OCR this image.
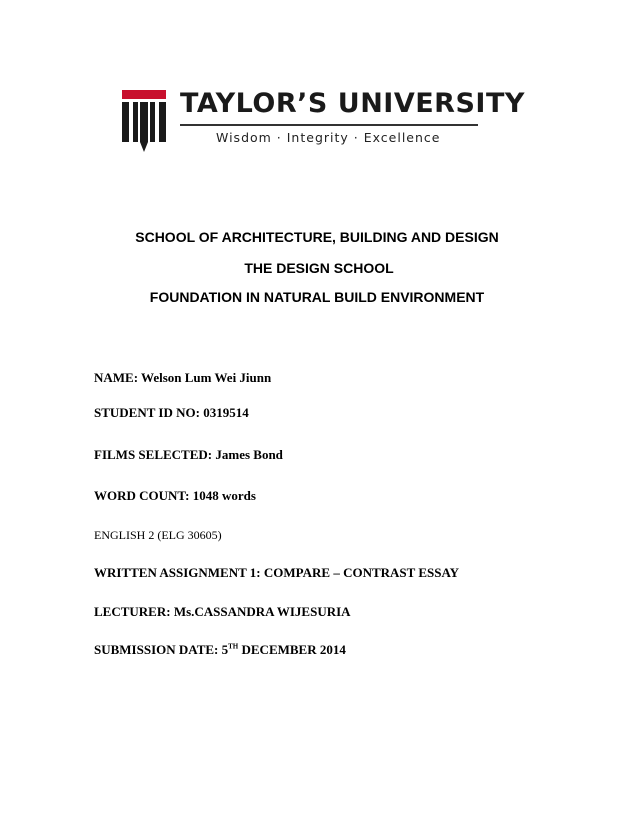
TAYLOR’S UNIVERSITY
Wisdom · Integrity · Excellence
SCHOOL OF ARCHITECTURE, BUILDING AND DESIGN
THE DESIGN SCHOOL
FOUNDATION IN NATURAL BUILD ENVIRONMENT
NAME: Welson Lum Wei Jiunn
STUDENT ID NO: 0319514
FILMS SELECTED: James Bond
WORD COUNT: 1048 words
ENGLISH 2 (ELG 30605)
WRITTEN ASSIGNMENT 1: COMPARE – CONTRAST ESSAY
LECTURER: Ms.CASSANDRA WIJESURIA
SUBMISSION DATE: 5TH DECEMBER 2014
